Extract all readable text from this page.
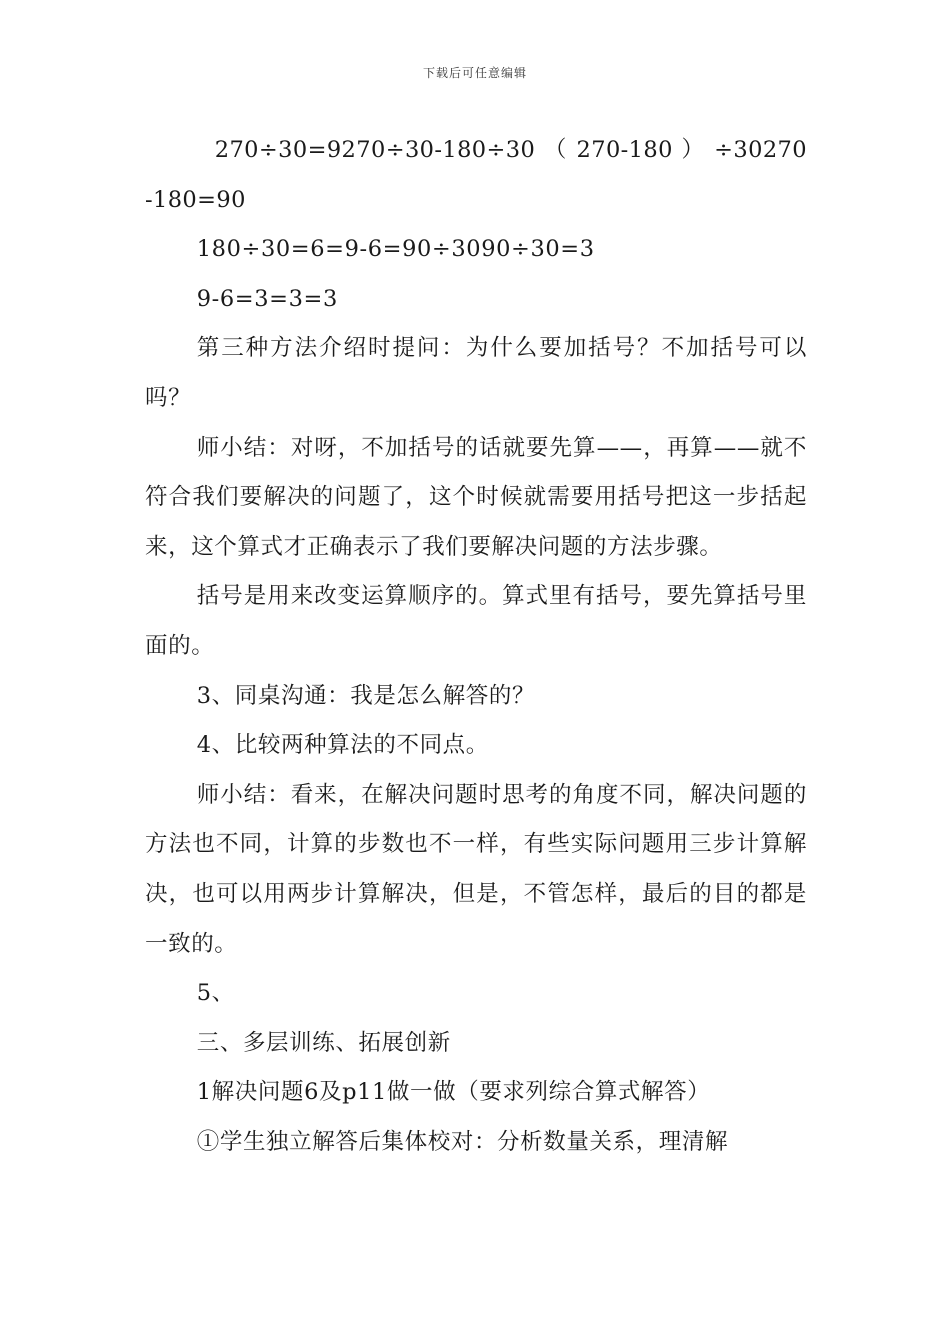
下载后可任意编辑

270÷30=9270÷30-180÷30 （ 270-180 ） ÷30270-180=90

180÷30=6=9-6=90÷3090÷30=3

9-6=3=3=3

第三种方法介绍时提问：为什么要加括号？不加括号可以吗？

师小结：对呀，不加括号的话就要先算——，再算——就不符合我们要解决的问题了，这个时候就需要用括号把这一步括起来，这个算式才正确表示了我们要解决问题的方法步骤。

括号是用来改变运算顺序的。算式里有括号，要先算括号里面的。

3、同桌沟通：我是怎么解答的？

4、比较两种算法的不同点。

师小结：看来，在解决问题时思考的角度不同，解决问题的方法也不同，计算的步数也不一样，有些实际问题用三步计算解决，也可以用两步计算解决，但是，不管怎样，最后的目的都是一致的。

5、

三、多层训练、拓展创新

1解决问题6及p11做一做（要求列综合算式解答）

①学生独立解答后集体校对：分析数量关系，理清解
